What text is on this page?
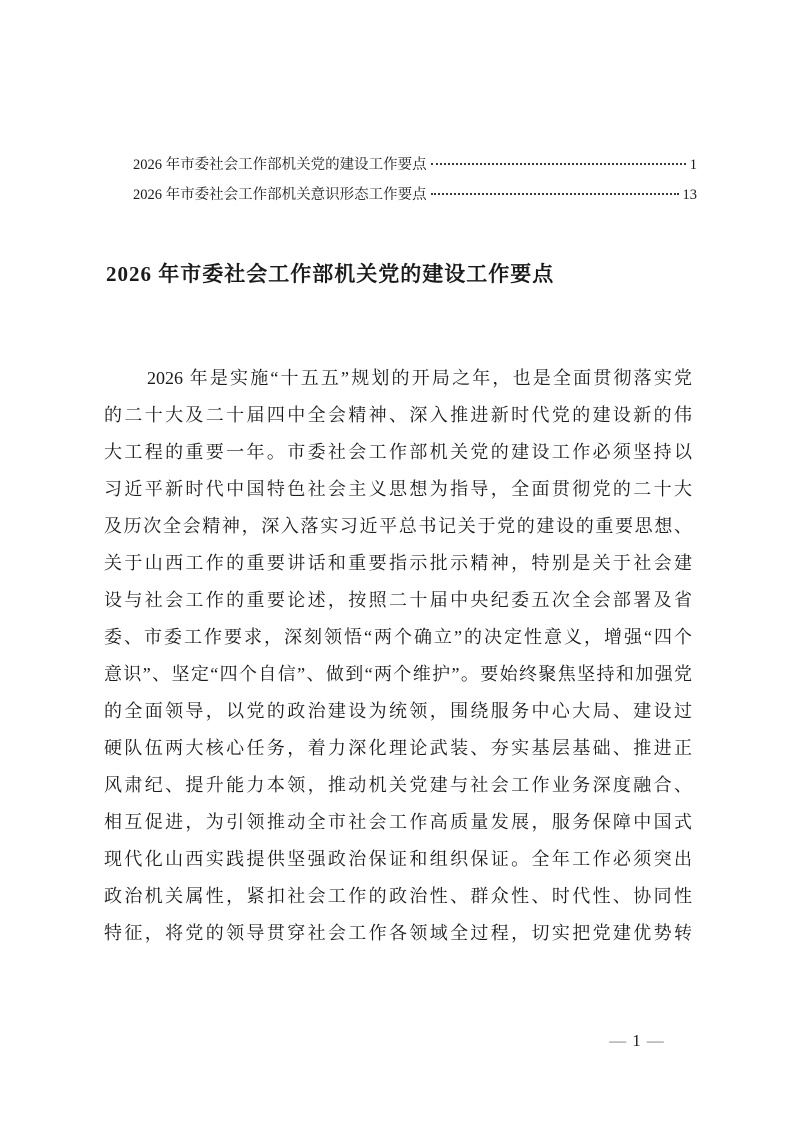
2026 年市委社会工作部机关党的建设工作要点	1
2026 年市委社会工作部机关意识形态工作要点	13
2026 年市委社会工作部机关党的建设工作要点
2026 年是实施“十五五”规划的开局之年，也是全面贯彻落实党
的二十大及二十届四中全会精神、深入推进新时代党的建设新的伟
大工程的重要一年。市委社会工作部机关党的建设工作必须坚持以
习近平新时代中国特色社会主义思想为指导，全面贯彻党的二十大
及历次全会精神，深入落实习近平总书记关于党的建设的重要思想、
关于山西工作的重要讲话和重要指示批示精神，特别是关于社会建
设与社会工作的重要论述，按照二十届中央纪委五次全会部署及省
委、市委工作要求，深刻领悟“两个确立”的决定性意义，增强“四个
意识”、坚定“四个自信”、做到“两个维护”。要始终聚焦坚持和加强党
的全面领导，以党的政治建设为统领，围绕服务中心大局、建设过
硬队伍两大核心任务，着力深化理论武装、夯实基层基础、推进正
风肃纪、提升能力本领，推动机关党建与社会工作业务深度融合、
相互促进，为引领推动全市社会工作高质量发展，服务保障中国式
现代化山西实践提供坚强政治保证和组织保证。全年工作必须突出
政治机关属性，紧扣社会工作的政治性、群众性、时代性、协同性
特征，将党的领导贯穿社会工作各领域全过程，切实把党建优势转
— 1 —
